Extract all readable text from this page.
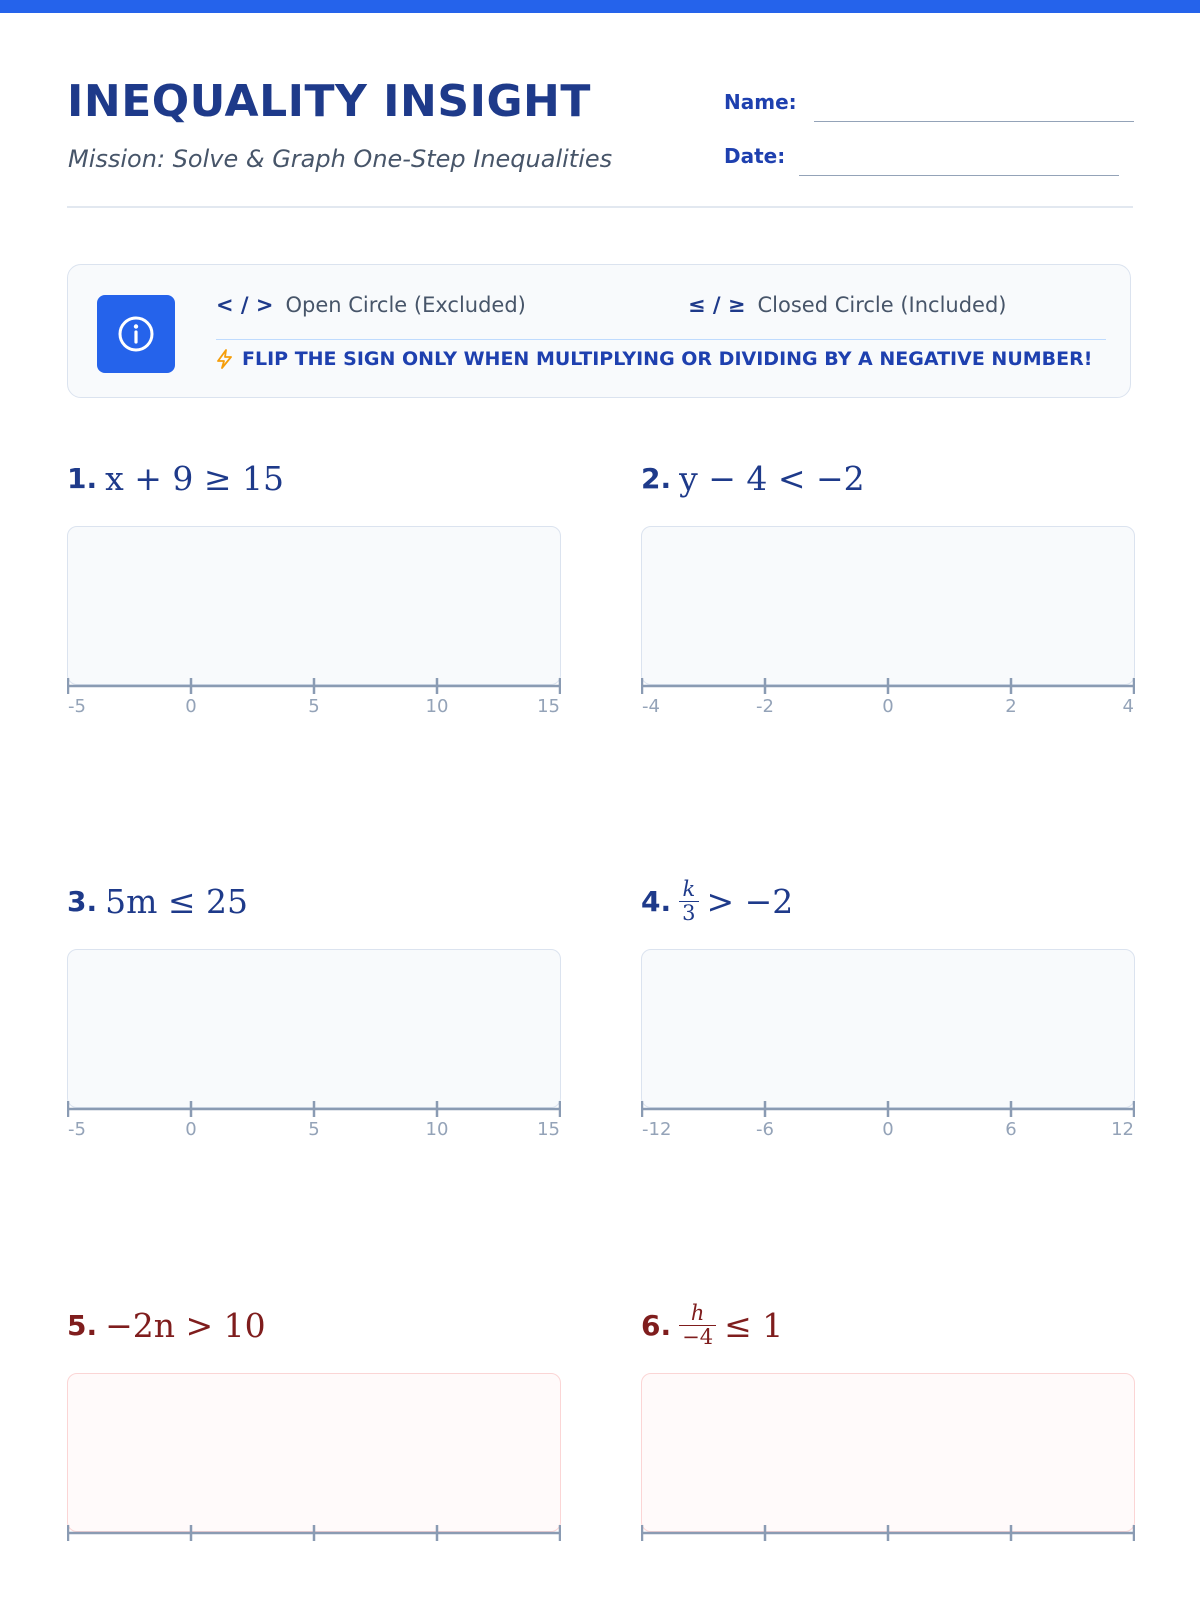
INEQUALITY INSIGHT
Mission: Solve & Graph One-Step Inequalities
Name:
Date:
< / > Open Circle (Excluded)	≤ / ≥ Closed Circle (Included)
FLIP THE SIGN ONLY WHEN MULTIPLYING OR DIVIDING BY A NEGATIVE NUMBER!
1. x + 9 ≥ 15
-5	0	5	10	15
2. y − 4 < −2
-4	-2	0	2	4
3. 5m ≤ 25
-5	0	5	10	15
4. $\frac{k}{3} > -2$
-12	-6	0	6	12
5. −2n > 10	6. $\frac{h}{-4} \le 1$
